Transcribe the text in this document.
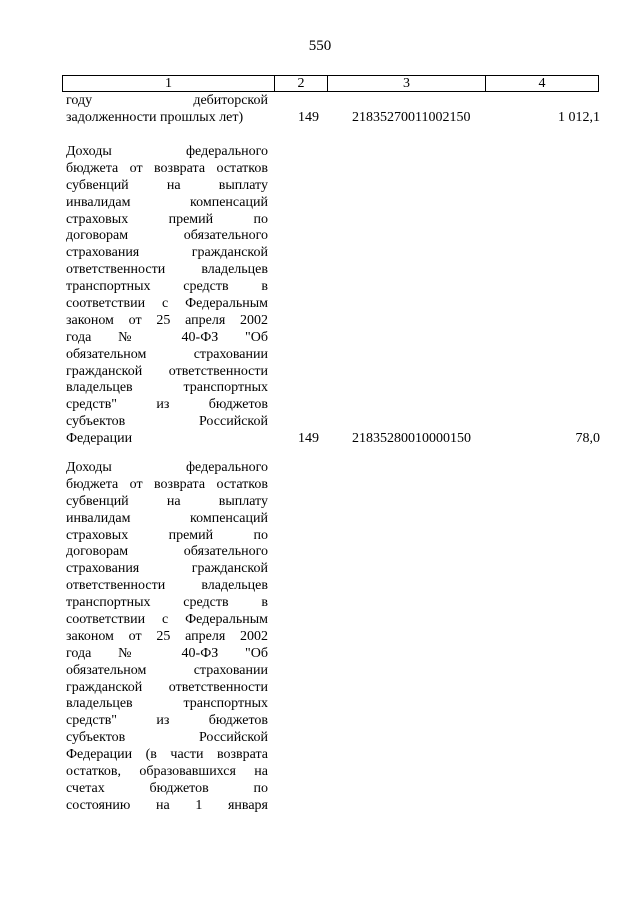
550
1	2	3	4
году дебиторской
задолженности прошлых лет)	149 21835270011002150	1 012,1
Доходы федерального
бюджета от возврата остатков
субвенций на выплату
инвалидам компенсаций
страховых премий по
договорам обязательного
страхования гражданской
ответственности владельцев
транспортных средств в
соответствии с Федеральным
законом от 25 апреля 2002
года № 40-ФЗ "Об
обязательном страховании
гражданской ответственности
владельцев транспортных
средств" из бюджетов
субъектов Российской
Федерации	149 21835280010000150	78,0
Доходы федерального
бюджета от возврата остатков
субвенций на выплату
инвалидам компенсаций
страховых премий по
договорам обязательного
страхования гражданской
ответственности владельцев
транспортных средств в
соответствии с Федеральным
законом от 25 апреля 2002
года № 40-ФЗ "Об
обязательном страховании
гражданской ответственности
владельцев транспортных
средств" из бюджетов
субъектов Российской
Федерации (в части возврата
остатков, образовавшихся на
счетах бюджетов по
состоянию на 1 января
